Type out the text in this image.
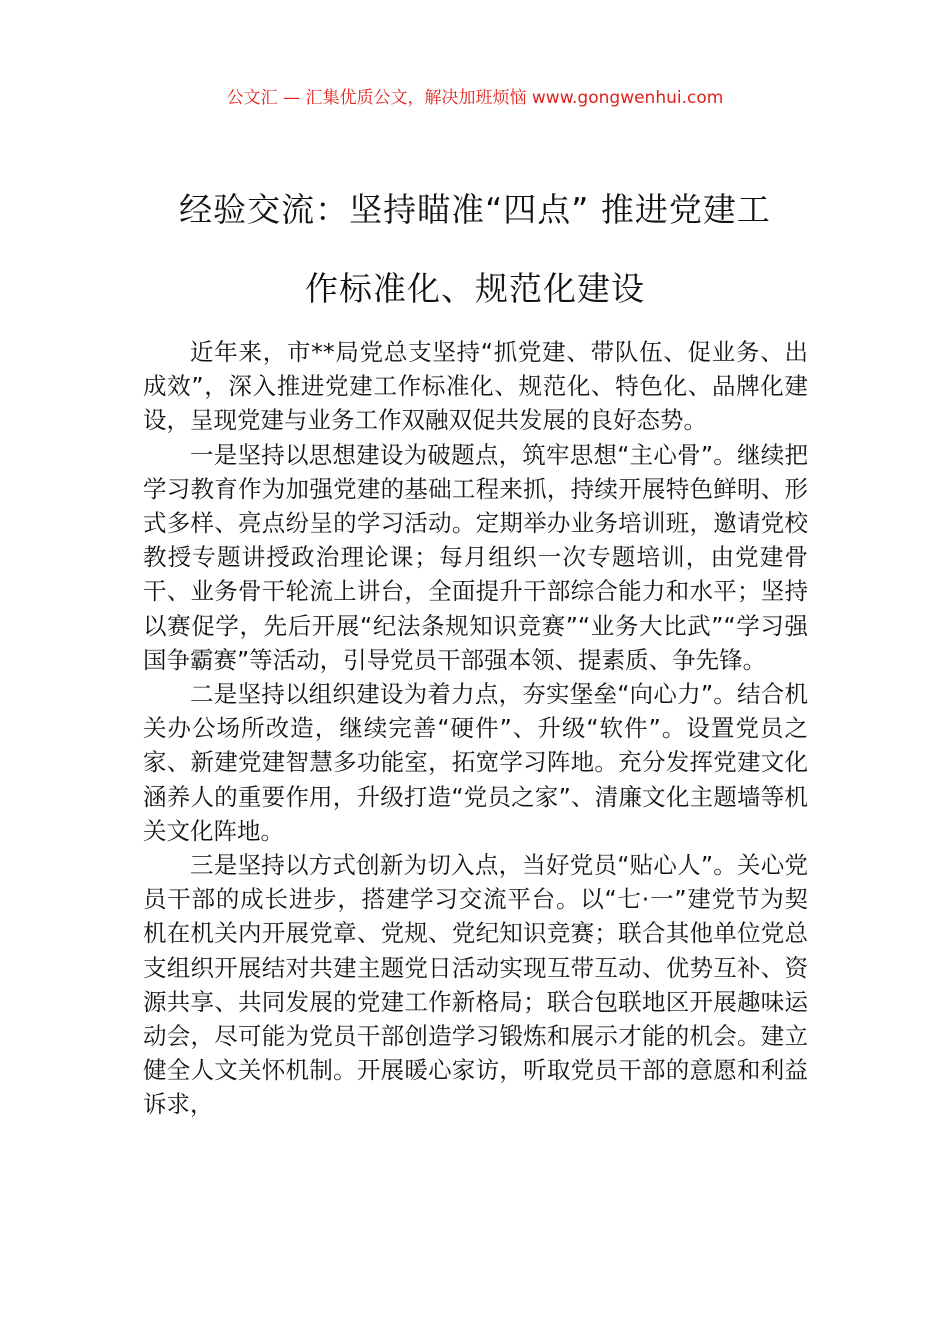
公文汇 — 汇集优质公文，解决加班烦恼 www.gongwenhui.com
经验交流：坚持瞄准“四点” 推进党建工
作标准化、规范化建设

近年来，市**局党总支坚持“抓党建、带队伍、促业务、出成效”，深入推进党建工作标准化、规范化、特色化、品牌化建设，呈现党建与业务工作双融双促共发展的良好态势。

一是坚持以思想建设为破题点，筑牢思想“主心骨”。继续把学习教育作为加强党建的基础工程来抓，持续开展特色鲜明、形式多样、亮点纷呈的学习活动。定期举办业务培训班，邀请党校教授专题讲授政治理论课；每月组织一次专题培训，由党建骨干、业务骨干轮流上讲台，全面提升干部综合能力和水平；坚持以赛促学，先后开展“纪法条规知识竞赛”“业务大比武”“学习强国争霸赛”等活动，引导党员干部强本领、提素质、争先锋。

二是坚持以组织建设为着力点，夯实堡垒“向心力”。结合机关办公场所改造，继续完善“硬件”、升级“软件”。设置党员之家、新建党建智慧多功能室，拓宽学习阵地。充分发挥党建文化涵养人的重要作用，升级打造“党员之家”、清廉文化主题墙等机关文化阵地。

三是坚持以方式创新为切入点，当好党员“贴心人”。关心党员干部的成长进步，搭建学习交流平台。以“七·一”建党节为契机在机关内开展党章、党规、党纪知识竞赛；联合其他单位党总支组织开展结对共建主题党日活动实现互带互动、优势互补、资源共享、共同发展的党建工作新格局；联合包联地区开展趣味运动会，尽可能为党员干部创造学习锻炼和展示才能的机会。建立健全人文关怀机制。开展暖心家访，听取党员干部的意愿和利益诉求，
